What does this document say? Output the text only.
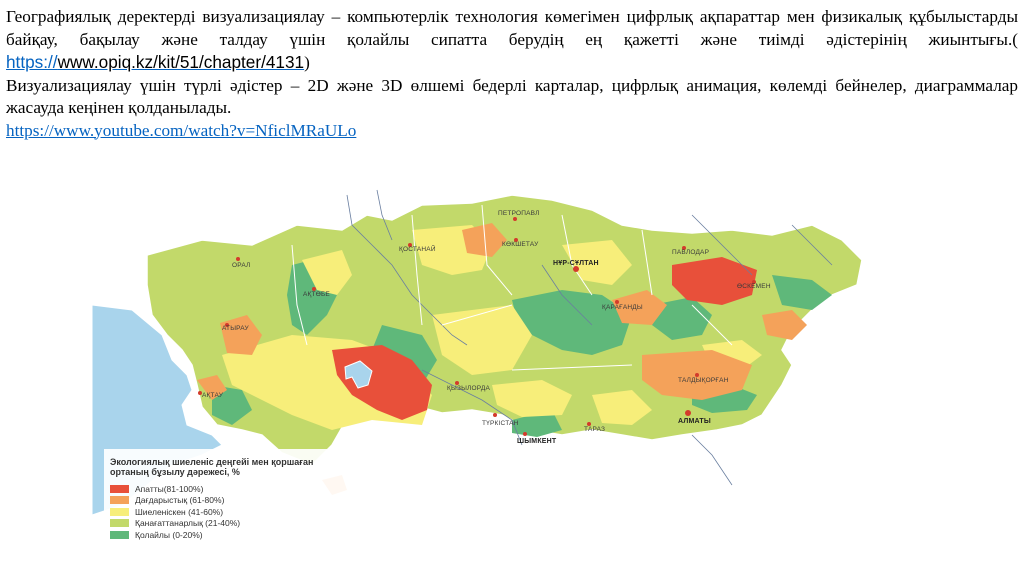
Географиялық деректерді визуализациялау – компьютерлік технология көмегімен цифрлық ақпараттар мен физикалық құбылыстарды байқау, бақылау және талдау үшін қолайлы сипатта берудің ең қажетті және тиімді әдістерінің жиынтығы.( https://www.opiq.kz/kit/51/chapter/4131)

Визуализациялау үшін түрлі әдістер – 2D және 3D өлшемі бедерлі карталар, цифрлық анимация, көлемді бейнелер, диаграммалар жасауда кеңінен қолданылады.

https://www.youtube.com/watch?v=NficlMRaULo
ОРАЛ
АҚТӨБЕ
АТЫРАУ
АҚТАУ
ҚОСТАНАЙ
ПЕТРОПАВЛ
КӨКШЕТАУ
НҰР-СҰЛТАН
ПАВЛОДАР
ӨСКЕМЕН
ҚАРАҒАНДЫ
ҚЫЗЫЛОРДА
ТҮРКІСТАН
ШЫМКЕНТ
ТАРАЗ
ТАЛДЫҚОРҒАН
АЛМАТЫ
Экологиялық шиеленіс деңгейі мен қоршаған
ортаның бұзылу дәрежесі, %
Апатты(81-100%)
Дағдарыстық (61-80%)
Шиеленіскен (41-60%)
Қанағаттанарлық (21-40%)
Қолайлы (0-20%)
